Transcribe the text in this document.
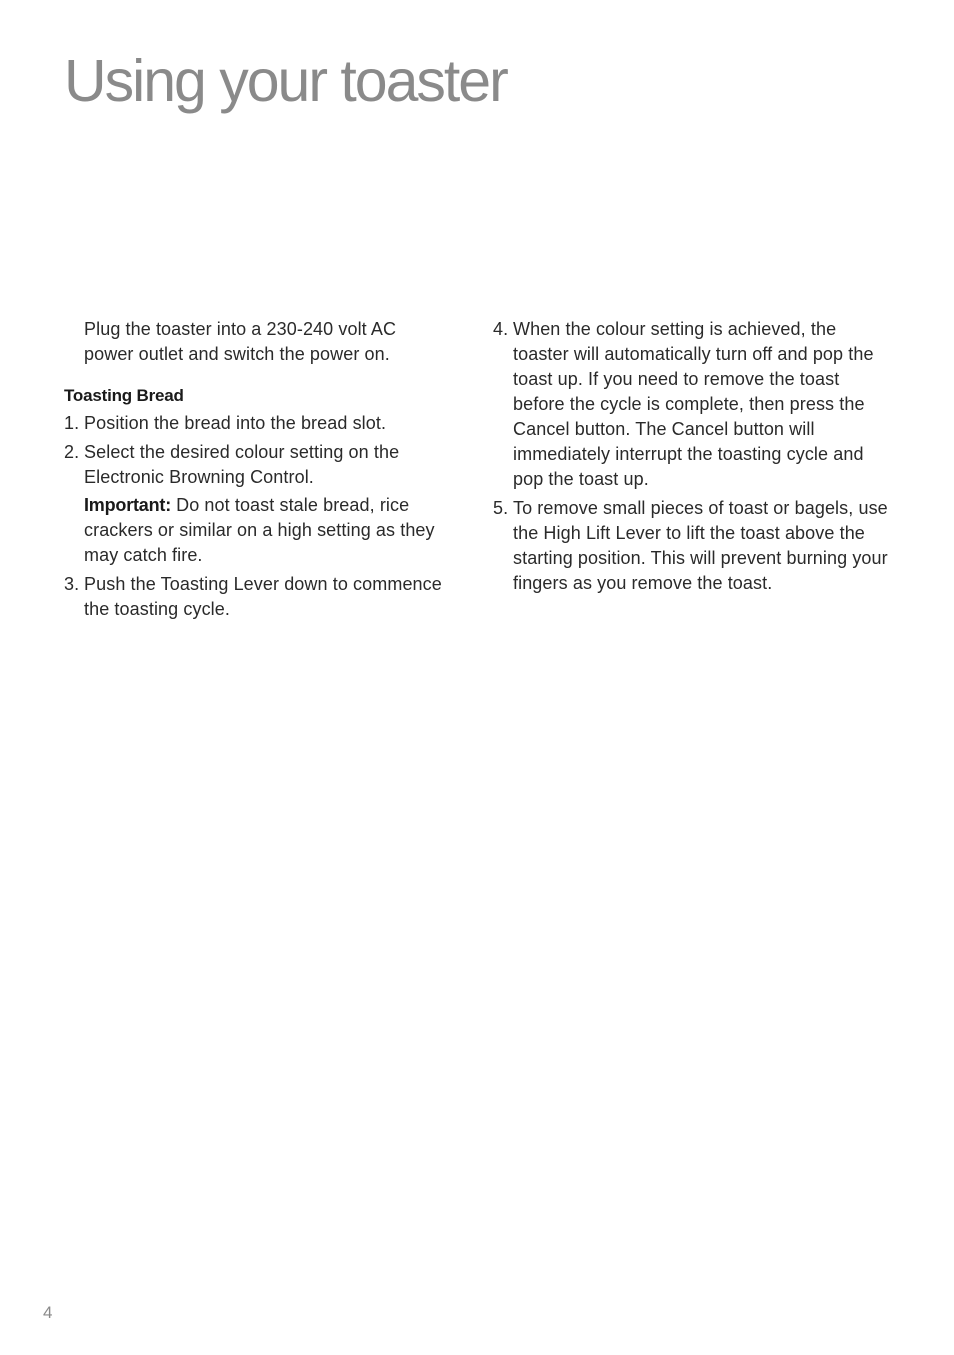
Using your toaster

Plug the toaster into a 230-240 volt AC power outlet and switch the power on.

Toasting Bread
1. Position the bread into the bread slot.

2. Select the desired colour setting on the Electronic Browning Control.

Important: Do not toast stale bread, rice crackers or similar on a high setting as they may catch fire.

3. Push the Toasting Lever down to commence the toasting cycle.

4. When the colour setting is achieved, the toaster will automatically turn off and pop the toast up. If you need to remove the toast before the cycle is complete, then press the Cancel button. The Cancel button will immediately interrupt the toasting cycle and pop the toast up.

5. To remove small pieces of toast or bagels, use the High Lift Lever to lift the toast above the starting position. This will prevent burning your fingers as you remove the toast.

4
